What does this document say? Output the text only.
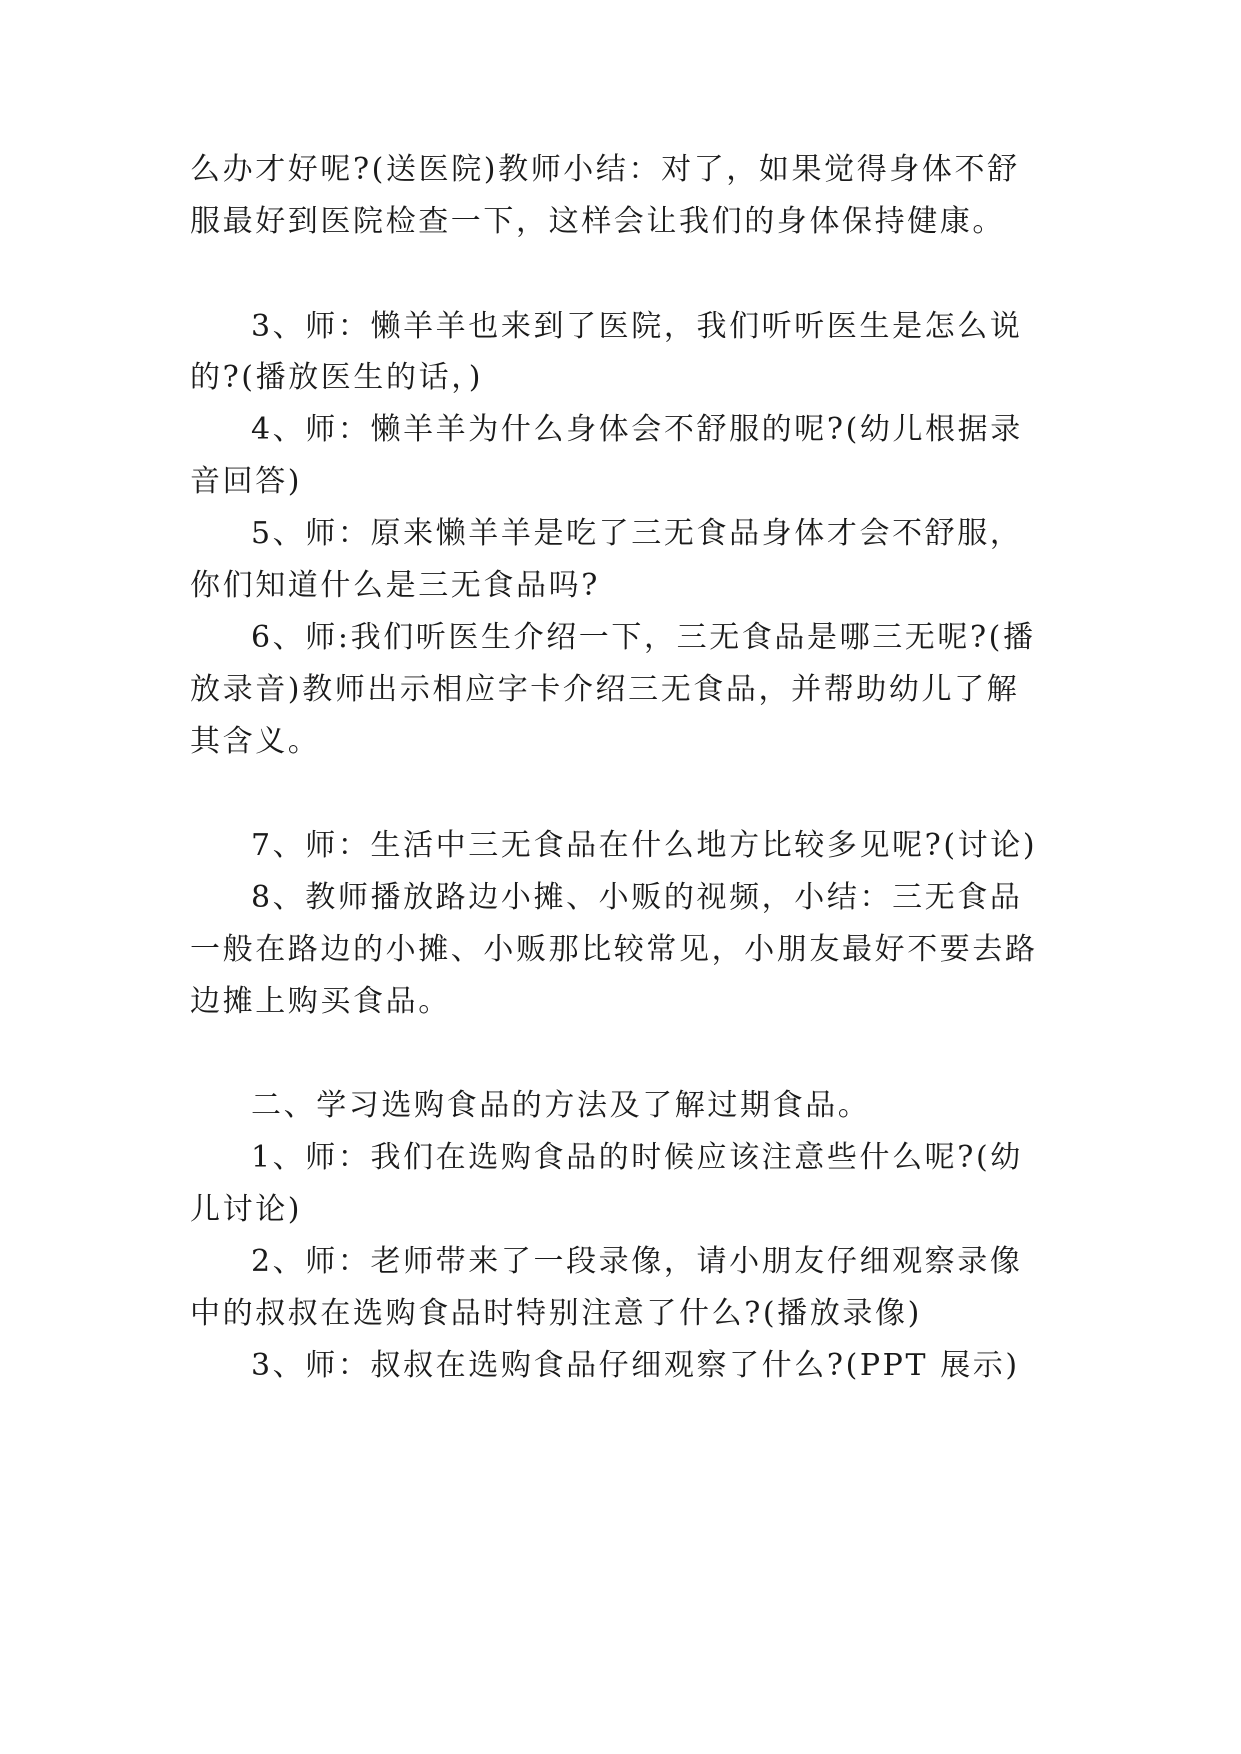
么办才好呢?(送医院)教师小结：对了，如果觉得身体不舒
服最好到医院检查一下，这样会让我们的身体保持健康。
3、师：懒羊羊也来到了医院，我们听听医生是怎么说
的?(播放医生的话，)
4、师：懒羊羊为什么身体会不舒服的呢?(幼儿根据录
音回答)
5、师：原来懒羊羊是吃了三无食品身体才会不舒服，
你们知道什么是三无食品吗?
6、师:我们听医生介绍一下，三无食品是哪三无呢?(播
放录音)教师出示相应字卡介绍三无食品，并帮助幼儿了解
其含义。
7、师：生活中三无食品在什么地方比较多见呢?(讨论)
8、教师播放路边小摊、小贩的视频，小结：三无食品
一般在路边的小摊、小贩那比较常见，小朋友最好不要去路
边摊上购买食品。
二、学习选购食品的方法及了解过期食品。
1、师：我们在选购食品的时候应该注意些什么呢?(幼
儿讨论)
2、师：老师带来了一段录像，请小朋友仔细观察录像
中的叔叔在选购食品时特别注意了什么?(播放录像)
3、师：叔叔在选购食品仔细观察了什么?(PPT 展示)
